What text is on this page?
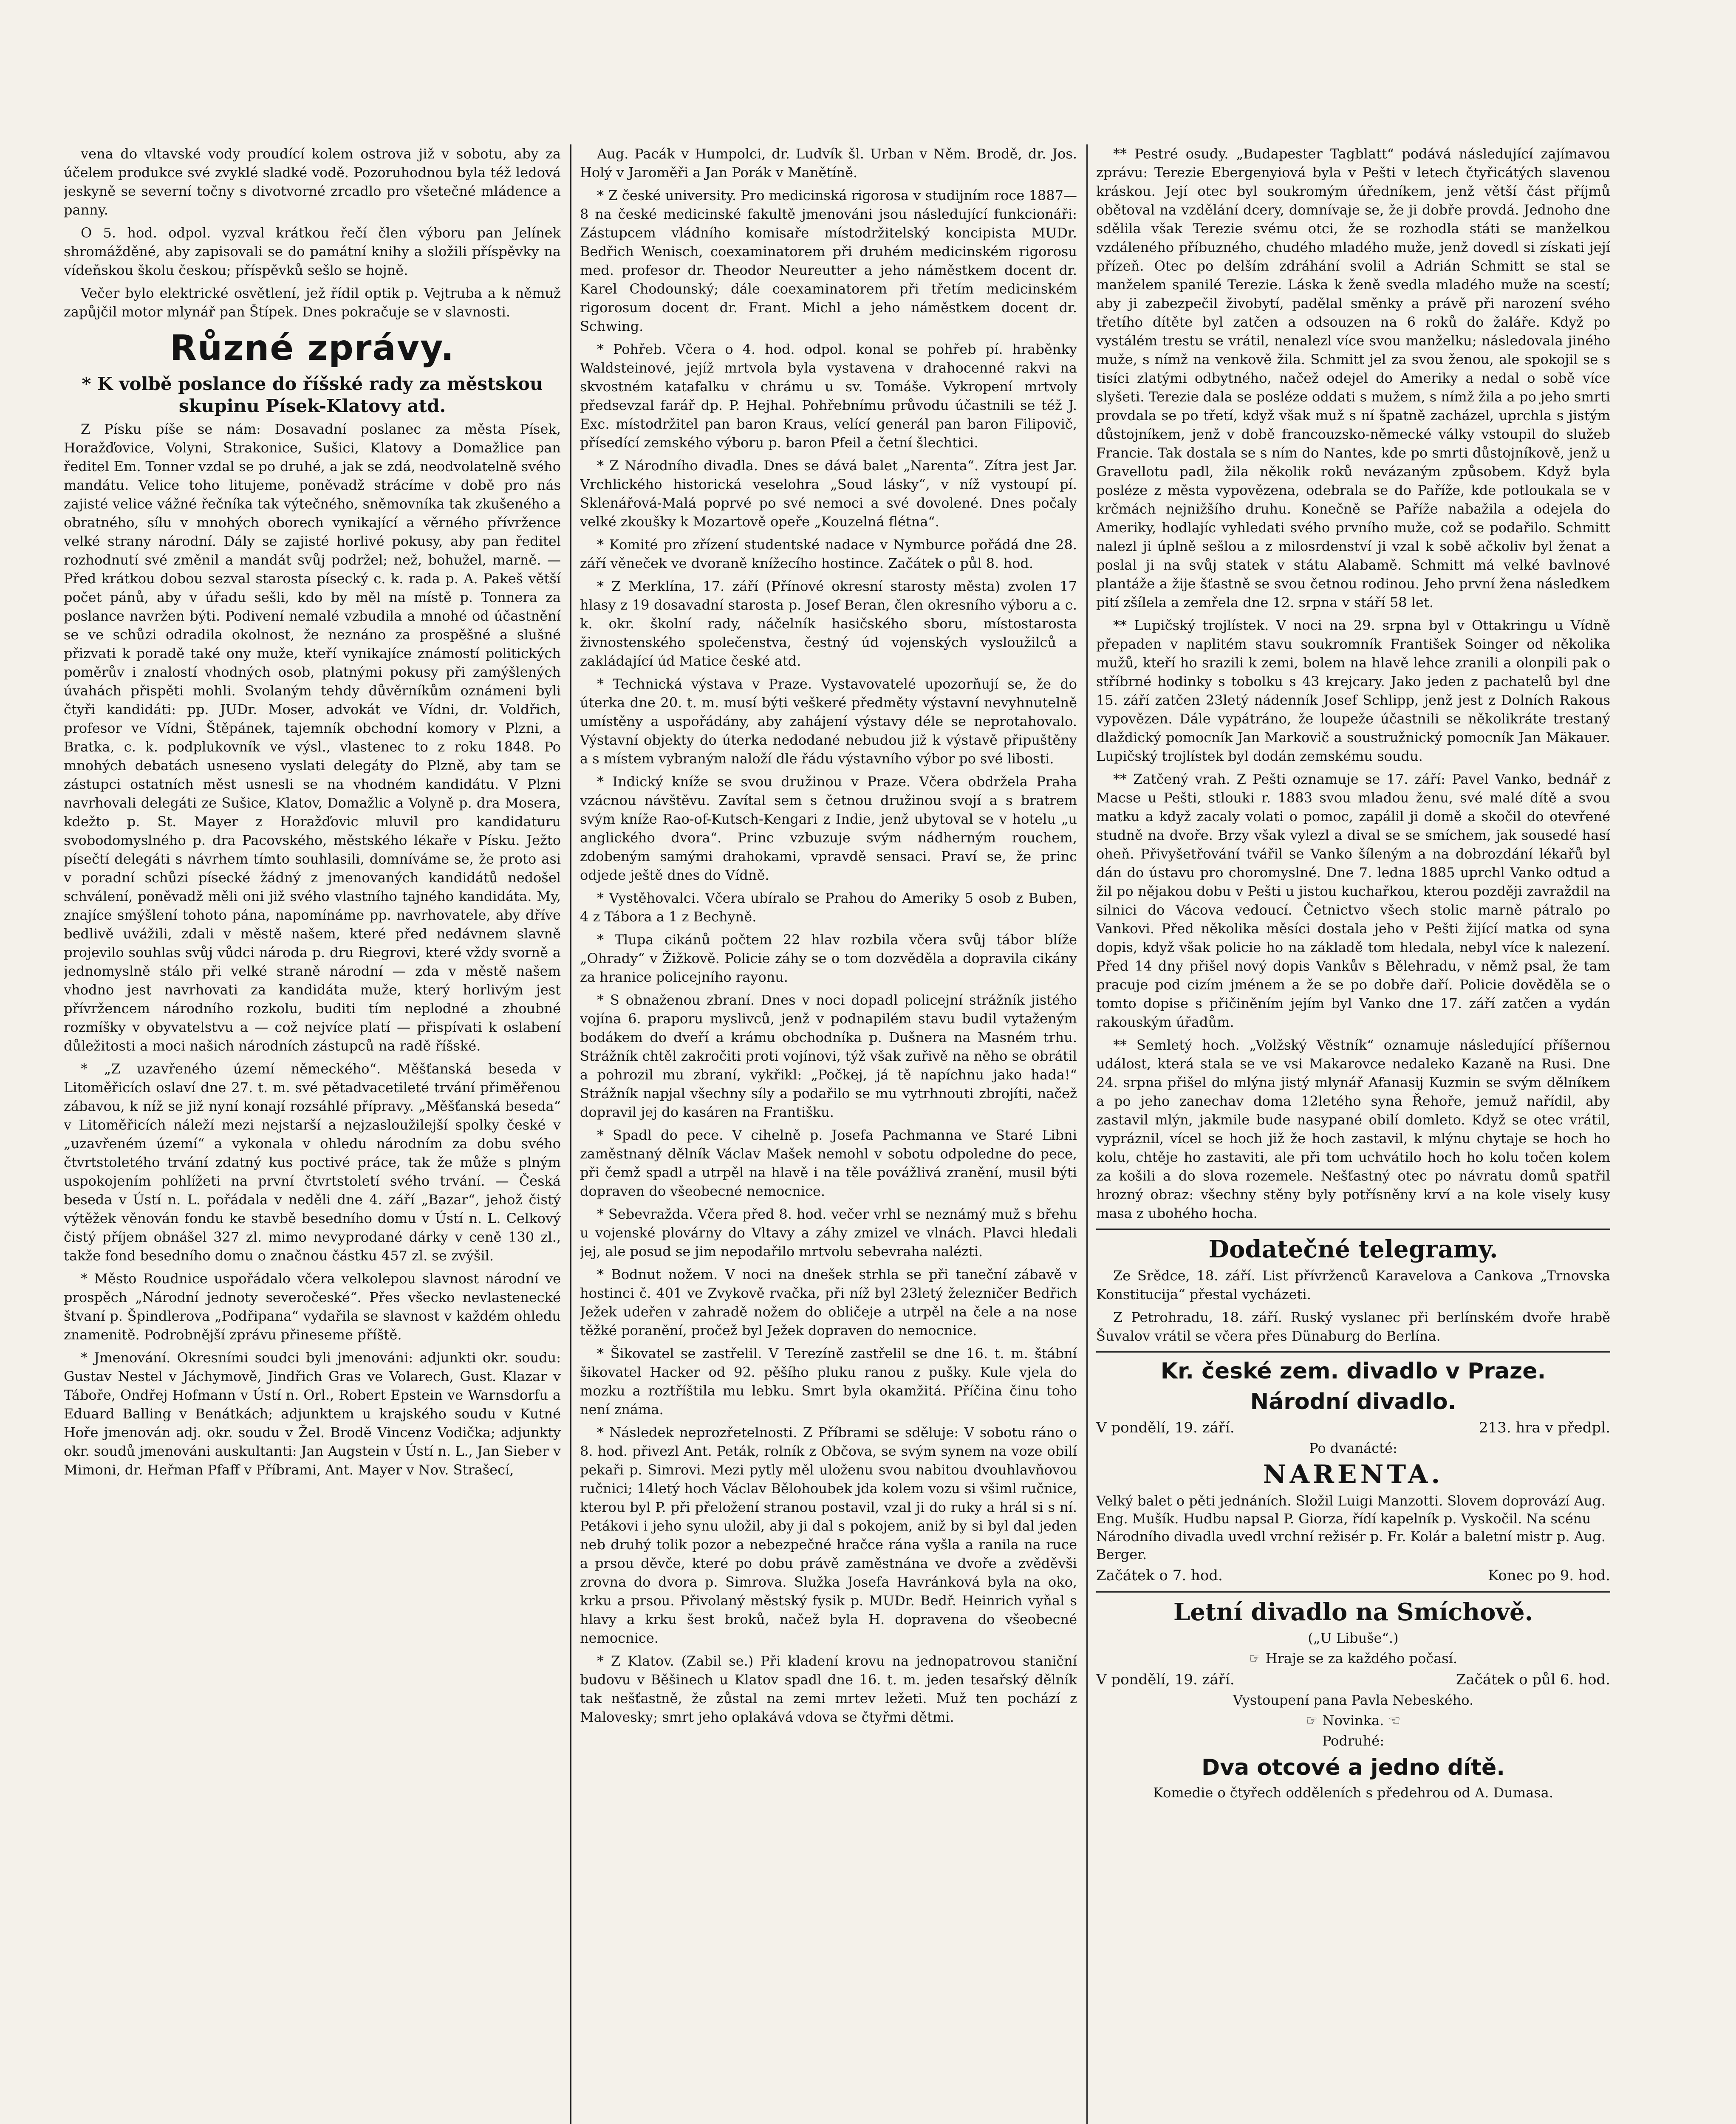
vena do vltavské vody proudící kolem ostrova již v sobotu, aby za účelem produkce své zvyklé sladké vodě. Pozoruhodnou byla též ledová jeskyně se severní točny s divotvorné zrcadlo pro všetečné mládence a panny.

O 5. hod. odpol. vyzval krátkou řečí člen výboru pan Jelínek shromážděné, aby zapisovali se do památní knihy a složili příspěvky na vídeňskou školu českou; příspěvků sešlo se hojně.

Večer bylo elektrické osvětlení, jež řídil optik p. Vejtruba a k němuž zapůjčil motor mlynář pan Štípek. Dnes pokračuje se v slavnosti.

Různé zprávy.
* K volbě poslance do říšské rady za městskou skupinu Písek-Klatovy atd.

Z Písku píše se nám: Dosavadní poslanec za města Písek, Horažďovice, Volyni, Strakonice, Sušici, Klatovy a Domažlice pan ředitel Em. Tonner vzdal se po druhé, a jak se zdá, neodvolatelně svého mandátu. Velice toho litujeme, poněvadž strácíme v době pro nás zajisté velice vážné řečníka tak výtečného, sněmovníka tak zkušeného a obratného, sílu v mnohých oborech vynikající a věrného přívržence velké strany národní. Dály se zajisté horlivé pokusy, aby pan ředitel rozhodnutí své změnil a mandát svůj podržel; než, bohužel, marně. — Před krátkou dobou sezval starosta písecký c. k. rada p. A. Pakeš větší počet pánů, aby v úřadu sešli, kdo by měl na místě p. Tonnera za poslance navržen býti. Podivení nemalé vzbudila a mnohé od účastnění se ve schůzi odradila okolnost, že neznáno za prospěšné a slušné přizvati k poradě také ony muže, kteří vynikajíce známostí politických poměrův i znalostí vhodných osob, platnými pokusy při zamýšlených úvahách přispěti mohli. Svolaným tehdy důvěrníkům oznámeni byli čtyři kandidáti: pp. JUDr. Moser, advokát ve Vídni, dr. Voldřich, profesor ve Vídni, Štěpánek, tajemník obchodní komory v Plzni, a Bratka, c. k. podplukovník ve výsl., vlastenec to z roku 1848. Po mnohých debatách usneseno vyslati delegáty do Plzně, aby tam se zástupci ostatních měst usnesli se na vhodném kandidátu. V Plzni navrhovali delegáti ze Sušice, Klatov, Domažlic a Volyně p. dra Mosera, kdežto p. St. Mayer z Horažďovic mluvil pro kandidaturu svobodomyslného p. dra Pacovského, městského lékaře v Písku. Ježto písečtí delegáti s návrhem tímto souhlasili, domníváme se, že proto asi v poradní schůzi písecké žádný z jmenovaných kandidátů nedošel schválení, poněvadž měli oni již svého vlastního tajného kandidáta. My, znajíce smýšlení tohoto pána, napomínáme pp. navrhovatele, aby dříve bedlivě uvážili, zdali v městě našem, které před nedávnem slavně projevilo souhlas svůj vůdci národa p. dru Riegrovi, které vždy svorně a jednomyslně stálo při velké straně národní — zda v městě našem vhodno jest navrhovati za kandidáta muže, který horlivým jest přívržencem národního rozkolu, buditi tím neplodné a zhoubné rozmíšky v obyvatelstvu a — což nejvíce platí — přispívati k oslabení důležitosti a moci našich národních zástupců na radě říšské.

* „Z uzavřeného území německého“. Měšťanská beseda v Litoměřicích oslaví dne 27. t. m. své pětadvacetileté trvání přiměřenou zábavou, k níž se již nyní konají rozsáhlé přípravy. „Měšťanská beseda“ v Litoměřicích náleží mezi nejstarší a nejzasloužilejší spolky české v „uzavřeném území“ a vykonala v ohledu národním za dobu svého čtvrtstoletého trvání zdatný kus poctivé práce, tak že může s plným uspokojením pohlížeti na první čtvrtstoletí svého trvání. — Česká beseda v Ústí n. L. pořádala v neděli dne 4. září „Bazar“, jehož čistý výtěžek věnován fondu ke stavbě besedního domu v Ústí n. L. Celkový čistý příjem obnášel 327 zl. mimo nevyprodané dárky v ceně 130 zl., takže fond besedního domu o značnou částku 457 zl. se zvýšil.

* Město Roudnice uspořádalo včera velkolepou slavnost národní ve prospěch „Národní jednoty severočeské“. Přes všecko nevlastenecké štvaní p. Špindlerova „Podřipana“ vydařila se slavnost v každém ohledu znamenitě. Podrobnější zprávu přineseme příště.

* Jmenování. Okresními soudci byli jmenováni: adjunkti okr. soudu: Gustav Nestel v Jáchymově, Jindřich Gras ve Volarech, Gust. Klazar v Táboře, Ondřej Hofmann v Ústí n. Orl., Robert Epstein ve Warnsdorfu a Eduard Balling v Benátkách; adjunktem u krajského soudu v Kutné Hoře jmenován adj. okr. soudu v Žel. Brodě Vincenz Vodička; adjunkty okr. soudů jmenováni auskultanti: Jan Augstein v Ústí n. L., Jan Sieber v Mimoni, dr. Heřman Pfaff v Příbrami, Ant. Mayer v Nov. Strašecí,

Aug. Pacák v Humpolci, dr. Ludvík šl. Urban v Něm. Brodě, dr. Jos. Holý v Jaroměři a Jan Porák v Manětíně.

* Z české university. Pro medicinská rigorosa v studijním roce 1887—8 na české medicinské fakultě jmenováni jsou následující funkcionáři: Zástupcem vládního komisaře místodržitelský koncipista MUDr. Bedřich Wenisch, coexaminatorem při druhém medicinském rigorosu med. profesor dr. Theodor Neureutter a jeho náměstkem docent dr. Karel Chodounský; dále coexaminatorem při třetím medicinském rigorosum docent dr. Frant. Michl a jeho náměstkem docent dr. Schwing.

* Pohřeb. Včera o 4. hod. odpol. konal se pohřeb pí. hraběnky Waldsteinové, jejíž mrtvola byla vystavena v drahocenné rakvi na skvostném katafalku v chrámu u sv. Tomáše. Vykropení mrtvoly předsevzal farář dp. P. Hejhal. Pohřebnímu průvodu účastnili se též J. Exc. místodržitel pan baron Kraus, velící generál pan baron Filipovič, přísedící zemského výboru p. baron Pfeil a četní šlechtici.

* Z Národního divadla. Dnes se dává balet „Narenta“. Zítra jest Jar. Vrchlického historická veselohra „Soud lásky“, v níž vystoupí pí. Sklenářová-Malá poprvé po své nemoci a své dovolené. Dnes počaly velké zkoušky k Mozartově opeře „Kouzelná flétna“.

* Komité pro zřízení studentské nadace v Nymburce pořádá dne 28. září věneček ve dvoraně knížecího hostince. Začátek o půl 8. hod.

* Z Merklína, 17. září (Přínové okresní starosty města) zvolen 17 hlasy z 19 dosavadní starosta p. Josef Beran, člen okresního výboru a c. k. okr. školní rady, náčelník hasičského sboru, místostarosta živnostenského společenstva, čestný úd vojenských vysloužilců a zakládající úd Matice české atd.

* Technická výstava v Praze. Vystavovatelé upozorňují se, že do úterka dne 20. t. m. musí býti veškeré předměty výstavní nevyhnutelně umístěny a uspořádány, aby zahájení výstavy déle se neprotahovalo. Výstavní objekty do úterka nedodané nebudou již k výstavě připuštěny a s místem vybraným naloží dle řádu výstavního výbor po své libosti.

* Indický kníže se svou družinou v Praze. Včera obdržela Praha vzácnou návštěvu. Zavítal sem s četnou družinou svojí a s bratrem svým kníže Rao-of-Kutsch-Kengari z Indie, jenž ubytoval se v hotelu „u anglického dvora“. Princ vzbuzuje svým nádherným rouchem, zdobeným samými drahokami, vpravdě sensaci. Praví se, že princ odjede ještě dnes do Vídně.

* Vystěhovalci. Včera ubíralo se Prahou do Ameriky 5 osob z Buben, 4 z Tábora a 1 z Bechyně.

* Tlupa cikánů počtem 22 hlav rozbila včera svůj tábor blíže „Ohrady“ v Žižkově. Policie záhy se o tom dozvěděla a dopravila cikány za hranice policejního rayonu.

* S obnaženou zbraní. Dnes v noci dopadl policejní strážník jistého vojína 6. praporu myslivců, jenž v podnapilém stavu budil vytaženým bodákem do dveří a krámu obchodníka p. Dušnera na Masném trhu. Strážník chtěl zakročiti proti vojínovi, týž však zuřivě na něho se obrátil a pohrozil mu zbraní, vykřikl: „Počkej, já tě napíchnu jako hada!“ Strážník napjal všechny síly a podařilo se mu vytrhnouti zbrojíti, načež dopravil jej do kasáren na Františku.

* Spadl do pece. V cihelně p. Josefa Pachmanna ve Staré Libni zaměstnaný dělník Václav Mašek nemohl v sobotu odpoledne do pece, při čemž spadl a utrpěl na hlavě i na těle povážlivá zranění, musil býti dopraven do všeobecné nemocnice.

* Sebevražda. Včera před 8. hod. večer vrhl se neznámý muž s břehu u vojenské plovárny do Vltavy a záhy zmizel ve vlnách. Plavci hledali jej, ale posud se jim nepodařilo mrtvolu sebevraha nalézti.

* Bodnut nožem. V noci na dnešek strhla se při taneční zábavě v hostinci č. 401 ve Zvykově rvačka, při níž byl 23letý železničer Bedřich Ježek udeřen v zahradě nožem do obličeje a utrpěl na čele a na nose těžké poranění, pročež byl Ježek dopraven do nemocnice.

* Šikovatel se zastřelil. V Terezíně zastřelil se dne 16. t. m. štábní šikovatel Hacker od 92. pěšího pluku ranou z pušky. Kule vjela do mozku a roztříštila mu lebku. Smrt byla okamžitá. Příčina činu toho není známa.

* Následek neprozřetelnosti. Z Příbrami se sděluje: V sobotu ráno o 8. hod. přivezl Ant. Peták, rolník z Občova, se svým synem na voze obilí pekaři p. Simrovi. Mezi pytly měl uloženu svou nabitou dvouhlavňovou ručnici; 14letý hoch Václav Bělohoubek jda kolem vozu si všiml ručnice, kterou byl P. při přeložení stranou postavil, vzal ji do ruky a hrál si s ní. Petákovi i jeho synu uložil, aby ji dal s pokojem, aniž by si byl dal jeden neb druhý tolik pozor a nebezpečné hračce rána vyšla a ranila na ruce a prsou děvče, které po dobu právě zaměstnána ve dvoře a zvěděvši zrovna do dvora p. Simrova. Služka Josefa Havránková byla na oko, krku a prsou. Přivolaný městský fysik p. MUDr. Bedř. Heinrich vyňal s hlavy a krku šest broků, načež byla H. dopravena do všeobecné nemocnice.

* Z Klatov. (Zabil se.) Při kladení krovu na jednopatrovou staniční budovu v Běšinech u Klatov spadl dne 16. t. m. jeden tesařský dělník tak nešťastně, že zůstal na zemi mrtev ležeti. Muž ten pochází z Malovesky; smrt jeho oplakává vdova se čtyřmi dětmi.

** Pestré osudy. „Budapester Tagblatt“ podává následující zajímavou zprávu: Terezie Ebergenyiová byla v Pešti v letech čtyřicátých slavenou kráskou. Její otec byl soukromým úředníkem, jenž větší část příjmů obětoval na vzdělání dcery, domnívaje se, že ji dobře provdá. Jednoho dne sdělila však Terezie svému otci, že se rozhodla státi se manželkou vzdáleného příbuzného, chudého mladého muže, jenž dovedl si získati její přízeň. Otec po delším zdráhání svolil a Adrián Schmitt se stal se manželem spanilé Terezie. Láska k ženě svedla mladého muže na scestí; aby ji zabezpečil živobytí, padělal směnky a právě při narození svého třetího dítěte byl zatčen a odsouzen na 6 roků do žaláře. Když po vystálém trestu se vrátil, nenalezl více svou manželku; následovala jiného muže, s nímž na venkově žila. Schmitt jel za svou ženou, ale spokojil se s tisíci zlatými odbytného, načež odejel do Ameriky a nedal o sobě více slyšeti. Terezie dala se posléze oddati s mužem, s nímž žila a po jeho smrti provdala se po třetí, když však muž s ní špatně zacházel, uprchla s jistým důstojníkem, jenž v době francouzsko-německé války vstoupil do služeb Francie. Tak dostala se s ním do Nantes, kde po smrti důstojníkově, jenž u Gravellotu padl, žila několik roků nevázaným způsobem. Když byla posléze z města vypovězena, odebrala se do Paříže, kde potloukala se v krčmách nejnižšího druhu. Konečně se Paříže nabažila a odejela do Ameriky, hodlajíc vyhledati svého prvního muže, což se podařilo. Schmitt nalezl ji úplně sešlou a z milosrdenství ji vzal k sobě ačkoliv byl ženat a poslal ji na svůj statek v státu Alabamě. Schmitt má velké bavlnové plantáže a žije šťastně se svou četnou rodinou. Jeho první žena následkem pití zšílela a zemřela dne 12. srpna v stáří 58 let.

** Lupičský trojlístek. V noci na 29. srpna byl v Ottakringu u Vídně přepaden v naplitém stavu soukromník František Soinger od několika mužů, kteří ho srazili k zemi, bolem na hlavě lehce zranili a olonpili pak o stříbrné hodinky s tobolku s 43 krejcary. Jako jeden z pachatelů byl dne 15. září zatčen 23letý nádenník Josef Schlipp, jenž jest z Dolních Rakous vypovězen. Dále vypátráno, že loupeže účastnili se několikráte trestaný dlaždický pomocník Jan Markovič a soustružnický pomocník Jan Mäkauer. Lupičský trojlístek byl dodán zemskému soudu.

** Zatčený vrah. Z Pešti oznamuje se 17. září: Pavel Vanko, bednář z Macse u Pešti, stlouki r. 1883 svou mladou ženu, své malé dítě a svou matku a když zacaly volati o pomoc, zapálil ji domě a skočil do otevřené studně na dvoře. Brzy však vylezl a dival se se smíchem, jak sousedé hasí oheň. Přivyšetřování tvářil se Vanko šíleným a na dobrozdání lékařů byl dán do ústavu pro choromyslné. Dne 7. ledna 1885 uprchl Vanko odtud a žil po nějakou dobu v Pešti u jistou kuchařkou, kterou později zavraždil na silnici do Vácova vedoucí. Četnictvo všech stolic marně pátralo po Vankovi. Před několika měsíci dostala jeho v Pešti žijící matka od syna dopis, když však policie ho na základě tom hledala, nebyl více k nalezení. Před 14 dny přišel nový dopis Vankův s Bělehradu, v němž psal, že tam pracuje pod cizím jménem a že se po dobře daří. Policie dověděla se o tomto dopise s přičiněním jejím byl Vanko dne 17. září zatčen a vydán rakouským úřadům.

** Semletý hoch. „Volžský Věstník“ oznamuje následující příšernou událost, která stala se ve vsi Makarovce nedaleko Kazaně na Rusi. Dne 24. srpna přišel do mlýna jistý mlynář Afanasij Kuzmin se svým dělníkem a po jeho zanechav doma 12letého syna Řehoře, jemuž nařídil, aby zastavil mlýn, jakmile bude nasypané obilí domleto. Když se otec vrátil, vypráznil, vícel se hoch již že hoch zastavil, k mlýnu chytaje se hoch ho kolu, chtěje ho zastaviti, ale při tom uchvátilo hoch ho kolu točen kolem za košili a do slova rozemele. Nešťastný otec po návratu domů spatřil hrozný obraz: všechny stěny byly potřísněny krví a na kole visely kusy masa z ubohého hocha.

Dodatečné telegramy.

Ze Srědce, 18. září. List přívrženců Karavelova a Cankova „Trnovska Konstitucija“ přestal vycházeti.

Z Petrohradu, 18. září. Ruský vyslanec při berlínském dvoře hrabě Šuvalov vrátil se včera přes Dünaburg do Berlína.

Kr. české zem. divadlo v Praze.
Národní divadlo.
V pondělí, 19. září.	213. hra v předpl.
Po dvanácté:
NARENTA.
Velký balet o pěti jednáních. Složil Luigi Manzotti. Slovem doprovází Aug. Eng. Mušík. Hudbu napsal P. Giorza, řídí kapelník p. Vyskočil. Na scénu Národního divadla uvedl vrchní režisér p. Fr. Kolár a baletní mistr p. Aug. Berger.
Začátek o 7. hod.	Konec po 9. hod.
Letní divadlo na Smíchově.
(„U Libuše“.)
☞ Hraje se za každého počasí.
V pondělí, 19. září.	Začátek o půl 6. hod.
Vystoupení pana Pavla Nebeského.
☞ Novinka. ☜
Podruhé:
Dva otcové a jedno dítě.
Komedie o čtyřech odděleních s předehrou od A. Dumasa.
